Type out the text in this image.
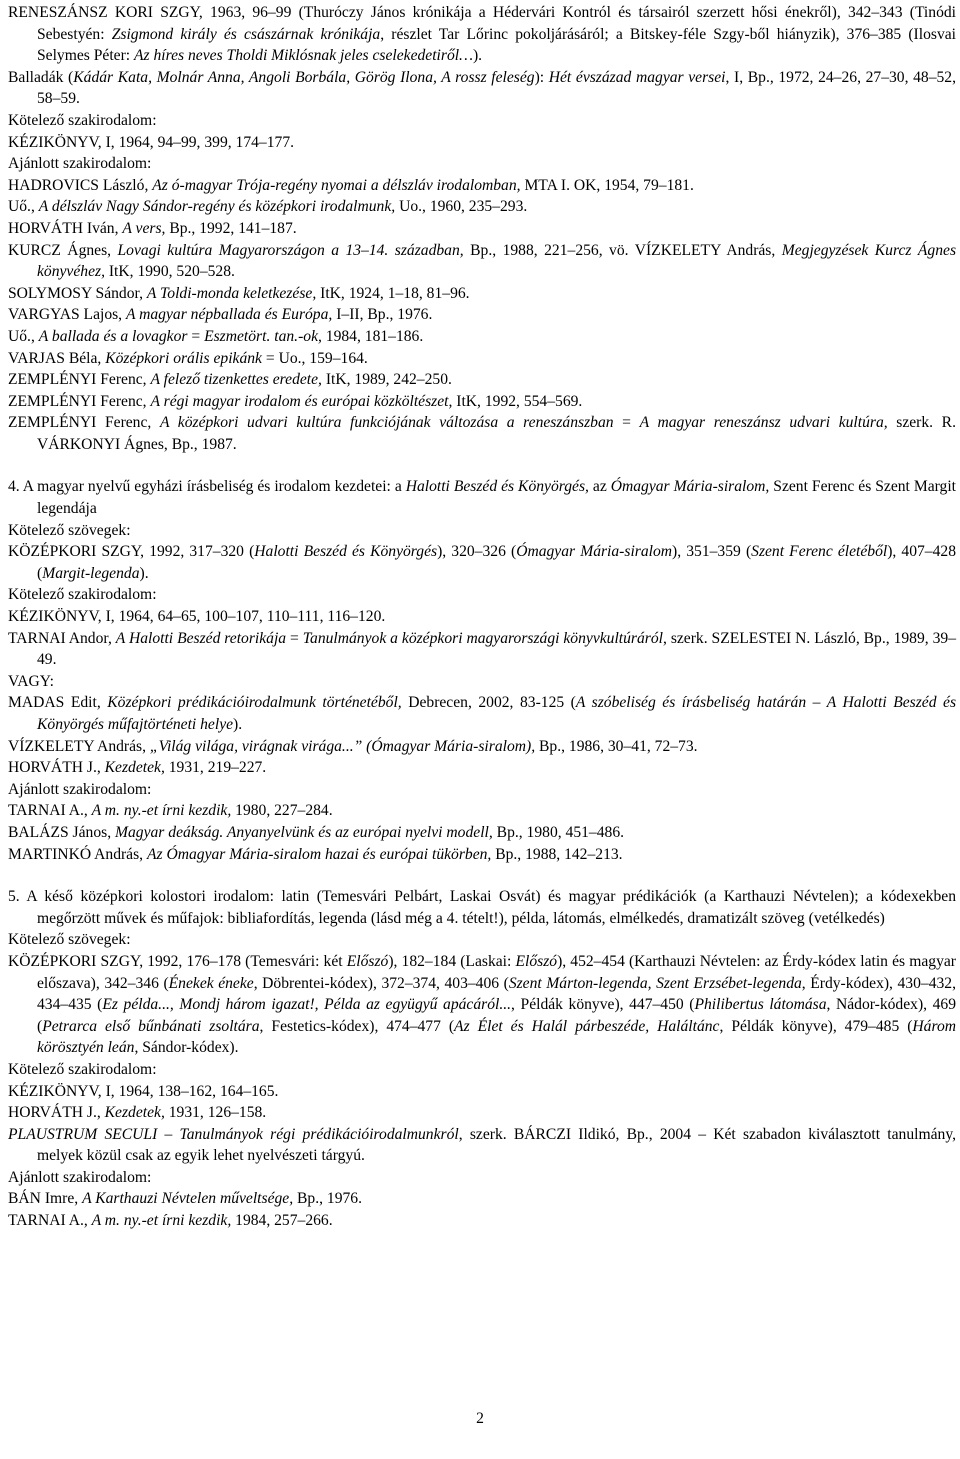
RENESZÁNSZ KORI SZGY, 1963, 96–99 (Thuróczy János krónikája a Hédervári Kontról és társairól szerzett hősi énekről), 342–343 (Tinódi Sebestyén: Zsigmond király és császárnak krónikája, részlet Tar Lőrinc pokoljárásáról; a Bitskey-féle Szgy-ből hiányzik), 376–385 (Ilosvai Selymes Péter: Az híres neves Tholdi Miklósnak jeles cselekedetiről…).

Balladák (Kádár Kata, Molnár Anna, Angoli Borbála, Görög Ilona, A rossz feleség): Hét évszázad magyar versei, I, Bp., 1972, 24–26, 27–30, 48–52, 58–59.

Kötelező szakirodalom:

KÉZIKÖNYV, I, 1964, 94–99, 399, 174–177.

Ajánlott szakirodalom:

HADROVICS László, Az ó-magyar Trója-regény nyomai a délszláv irodalomban, MTA I. OK, 1954, 79–181.

Uő., A délszláv Nagy Sándor-regény és középkori irodalmunk, Uo., 1960, 235–293.

HORVÁTH Iván, A vers, Bp., 1992, 141–187.

KURCZ Ágnes, Lovagi kultúra Magyarországon a 13–14. században, Bp., 1988, 221–256, vö. VÍZKELETY András, Megjegyzések Kurcz Ágnes könyvéhez, ItK, 1990, 520–528.

SOLYMOSY Sándor, A Toldi-monda keletkezése, ItK, 1924, 1–18, 81–96.

VARGYAS Lajos, A magyar népballada és Európa, I–II, Bp., 1976.

Uő., A ballada és a lovagkor = Eszmetört. tan.-ok, 1984, 181–186.

VARJAS Béla, Középkori orális epikánk = Uo., 159–164.

ZEMPLÉNYI Ferenc, A felező tizenkettes eredete, ItK, 1989, 242–250.

ZEMPLÉNYI Ferenc, A régi magyar irodalom és európai közköltészet, ItK, 1992, 554–569.

ZEMPLÉNYI Ferenc, A középkori udvari kultúra funkciójának változása a reneszánszban = A magyar reneszánsz udvari kultúra, szerk. R. VÁRKONYI Ágnes, Bp., 1987.

4. A magyar nyelvű egyházi írásbeliség és irodalom kezdetei: a Halotti Beszéd és Könyörgés, az Ómagyar Mária-siralom, Szent Ferenc és Szent Margit legendája

Kötelező szövegek:

KÖZÉPKORI SZGY, 1992, 317–320 (Halotti Beszéd és Könyörgés), 320–326 (Ómagyar Mária-siralom), 351–359 (Szent Ferenc életéből), 407–428 (Margit-legenda).

Kötelező szakirodalom:

KÉZIKÖNYV, I, 1964, 64–65, 100–107, 110–111, 116–120.

TARNAI Andor, A Halotti Beszéd retorikája = Tanulmányok a középkori magyarországi könyvkultúráról, szerk. SZELESTEI N. László, Bp., 1989, 39–49.

VAGY:

MADAS Edit, Középkori prédikációirodalmunk történetéből, Debrecen, 2002, 83-125 (A szóbeliség és írásbeliség határán – A Halotti Beszéd és Könyörgés műfajtörténeti helye).

VÍZKELETY András, „Világ világa, virágnak virága...” (Ómagyar Mária-siralom), Bp., 1986, 30–41, 72–73.

HORVÁTH J., Kezdetek, 1931, 219–227.

Ajánlott szakirodalom:

TARNAI A., A m. ny.-et írni kezdik, 1980, 227–284.

BALÁZS János, Magyar deákság. Anyanyelvünk és az európai nyelvi modell, Bp., 1980, 451–486.

MARTINKÓ András, Az Ómagyar Mária-siralom hazai és európai tükörben, Bp., 1988, 142–213.

5. A késő középkori kolostori irodalom: latin (Temesvári Pelbárt, Laskai Osvát) és magyar prédikációk (a Karthauzi Névtelen); a kódexekben megőrzött művek és műfajok: bibliafordítás, legenda (lásd még a 4. tételt!), példa, látomás, elmélkedés, dramatizált szöveg (vetélkedés)

Kötelező szövegek:

KÖZÉPKORI SZGY, 1992, 176–178 (Temesvári: két Előszó), 182–184 (Laskai: Előszó), 452–454 (Karthauzi Névtelen: az Érdy-kódex latin és magyar előszava), 342–346 (Énekek éneke, Döbrentei-kódex), 372–374, 403–406 (Szent Márton-legenda, Szent Erzsébet-legenda, Érdy-kódex), 430–432, 434–435 (Ez példa..., Mondj három igazat!, Példa az együgyű apácáról..., Példák könyve), 447–450 (Philibertus látomása, Nádor-kódex), 469 (Petrarca első bűnbánati zsoltára, Festetics-kódex), 474–477 (Az Élet és Halál párbeszéde, Haláltánc, Példák könyve), 479–485 (Három körösztyén leán, Sándor-kódex).

Kötelező szakirodalom:

KÉZIKÖNYV, I, 1964, 138–162, 164–165.

HORVÁTH J., Kezdetek, 1931, 126–158.

PLAUSTRUM SECULI – Tanulmányok régi prédikációirodalmunkról, szerk. BÁRCZI Ildikó, Bp., 2004 – Két szabadon kiválasztott tanulmány, melyek közül csak az egyik lehet nyelvészeti tárgyú.

Ajánlott szakirodalom:

BÁN Imre, A Karthauzi Névtelen műveltsége, Bp., 1976.

TARNAI A., A m. ny.-et írni kezdik, 1984, 257–266.

2
